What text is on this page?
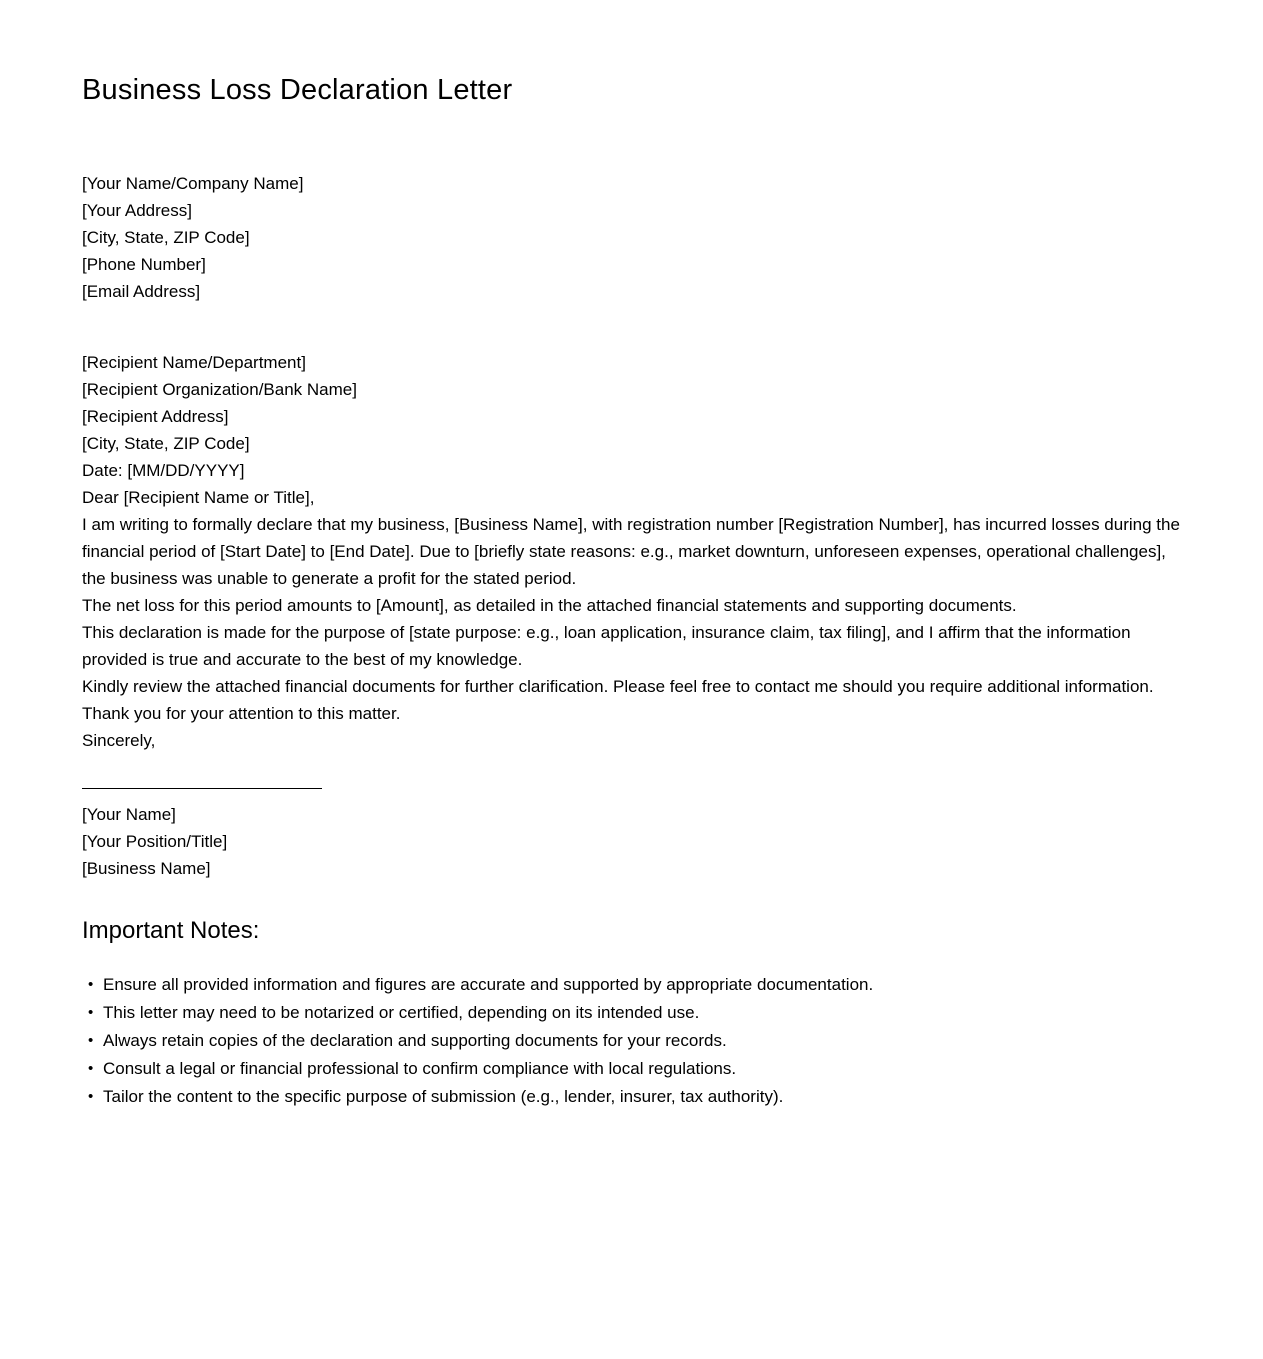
Business Loss Declaration Letter
[Your Name/Company Name]
[Your Address]
[City, State, ZIP Code]
[Phone Number]
[Email Address]
[Recipient Name/Department]
[Recipient Organization/Bank Name]
[Recipient Address]
[City, State, ZIP Code]

Date: [MM/DD/YYYY]

Dear [Recipient Name or Title],

I am writing to formally declare that my business, [Business Name], with registration number [Registration Number], has incurred losses during the financial period of [Start Date] to [End Date]. Due to [briefly state reasons: e.g., market downturn, unforeseen expenses, operational challenges], the business was unable to generate a profit for the stated period.

The net loss for this period amounts to [Amount], as detailed in the attached financial statements and supporting documents.

This declaration is made for the purpose of [state purpose: e.g., loan application, insurance claim, tax filing], and I affirm that the information provided is true and accurate to the best of my knowledge.

Kindly review the attached financial documents for further clarification. Please feel free to contact me should you require additional information.

Thank you for your attention to this matter.

Sincerely,

[Your Name]
[Your Position/Title]
[Business Name]
Important Notes:
• Ensure all provided information and figures are accurate and supported by appropriate documentation.
• This letter may need to be notarized or certified, depending on its intended use.
• Always retain copies of the declaration and supporting documents for your records.
• Consult a legal or financial professional to confirm compliance with local regulations.
• Tailor the content to the specific purpose of submission (e.g., lender, insurer, tax authority).
